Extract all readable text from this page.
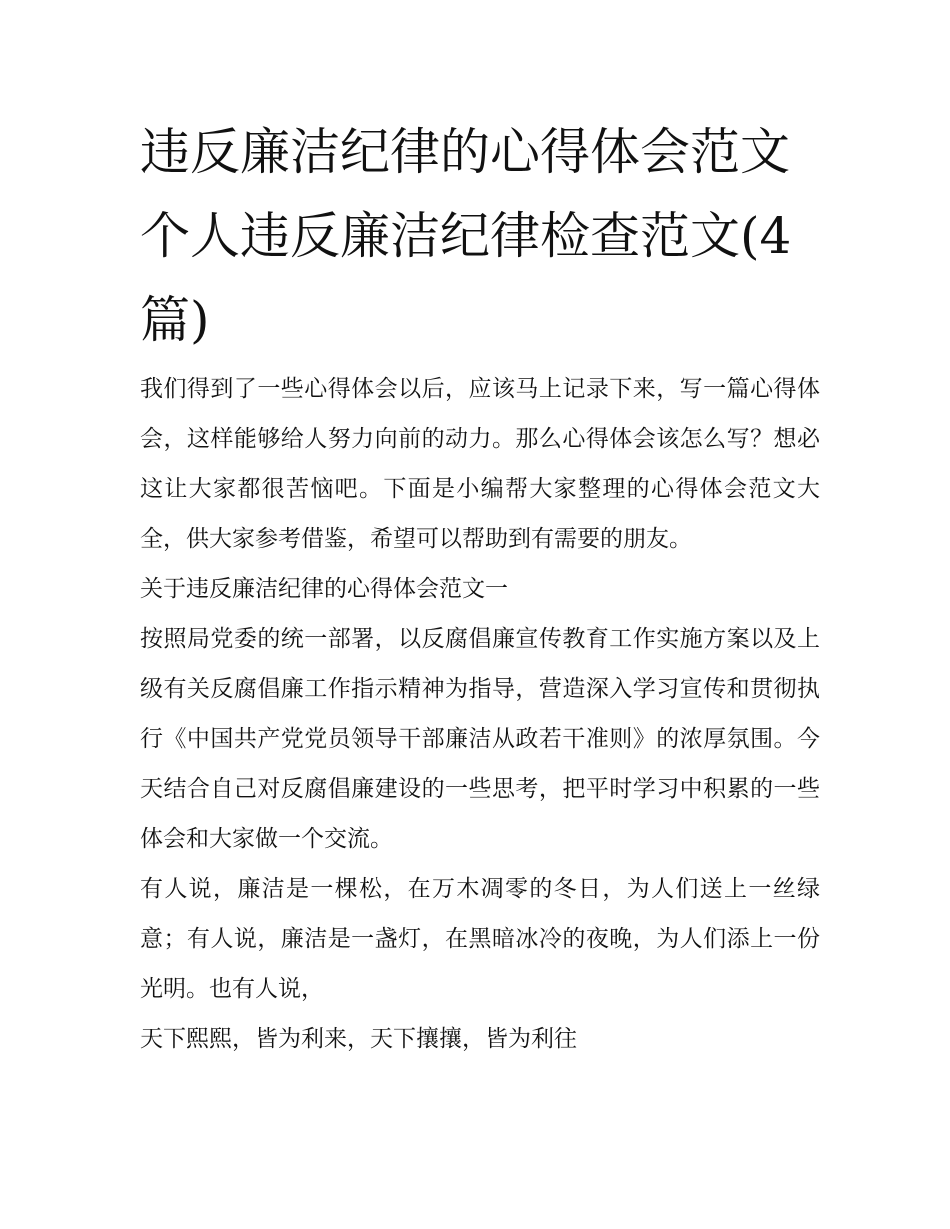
违反廉洁纪律的心得体会范文个人违反廉洁纪律检查范文(4篇)

我们得到了一些心得体会以后，应该马上记录下来，写一篇心得体会，这样能够给人努力向前的动力。那么心得体会该怎么写？想必这让大家都很苦恼吧。下面是小编帮大家整理的心得体会范文大全，供大家参考借鉴，希望可以帮助到有需要的朋友。

关于违反廉洁纪律的心得体会范文一

按照局党委的统一部署，以反腐倡廉宣传教育工作实施方案以及上级有关反腐倡廉工作指示精神为指导，营造深入学习宣传和贯彻执行《中国共产党党员领导干部廉洁从政若干准则》的浓厚氛围。今天结合自己对反腐倡廉建设的一些思考，把平时学习中积累的一些体会和大家做一个交流。

有人说，廉洁是一棵松，在万木凋零的冬日，为人们送上一丝绿意；有人说，廉洁是一盏灯，在黑暗冰冷的夜晚，为人们添上一份光明。也有人说，

天下熙熙，皆为利来，天下攘攘，皆为利往
